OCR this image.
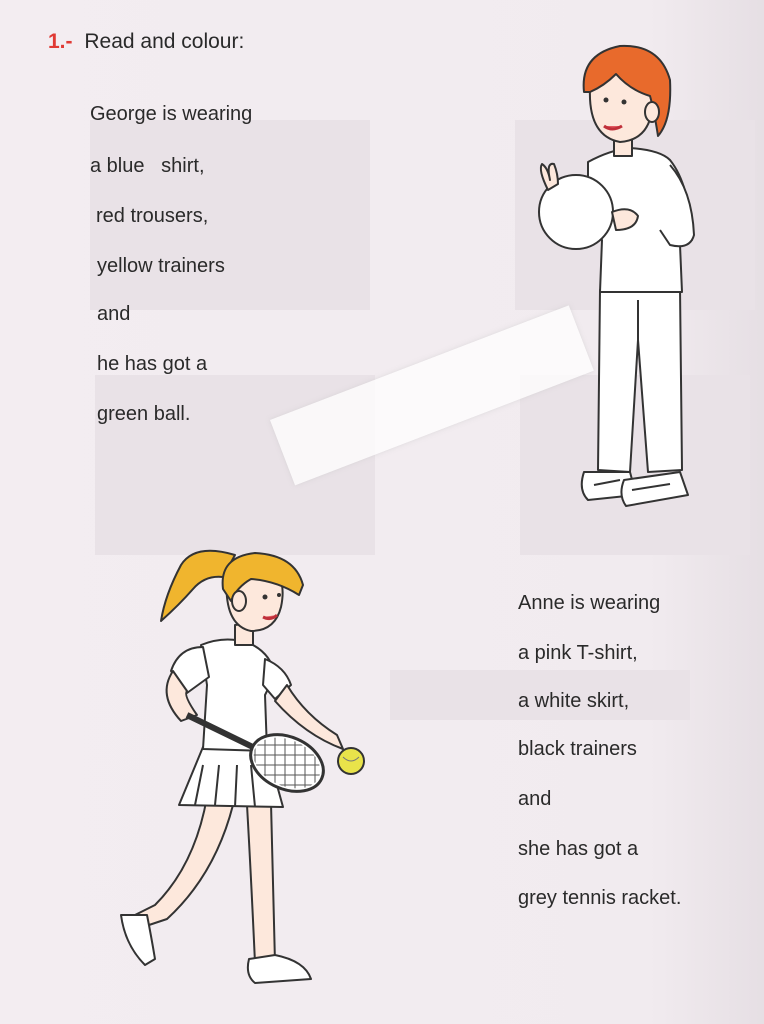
1.- Read and colour:
George is wearing
a blue   shirt,
red trousers,
yellow trainers
and
he has got a
green ball.
Anne is wearing
a pink T-shirt,
a white skirt,
black trainers
and
she has got a
grey tennis racket.
